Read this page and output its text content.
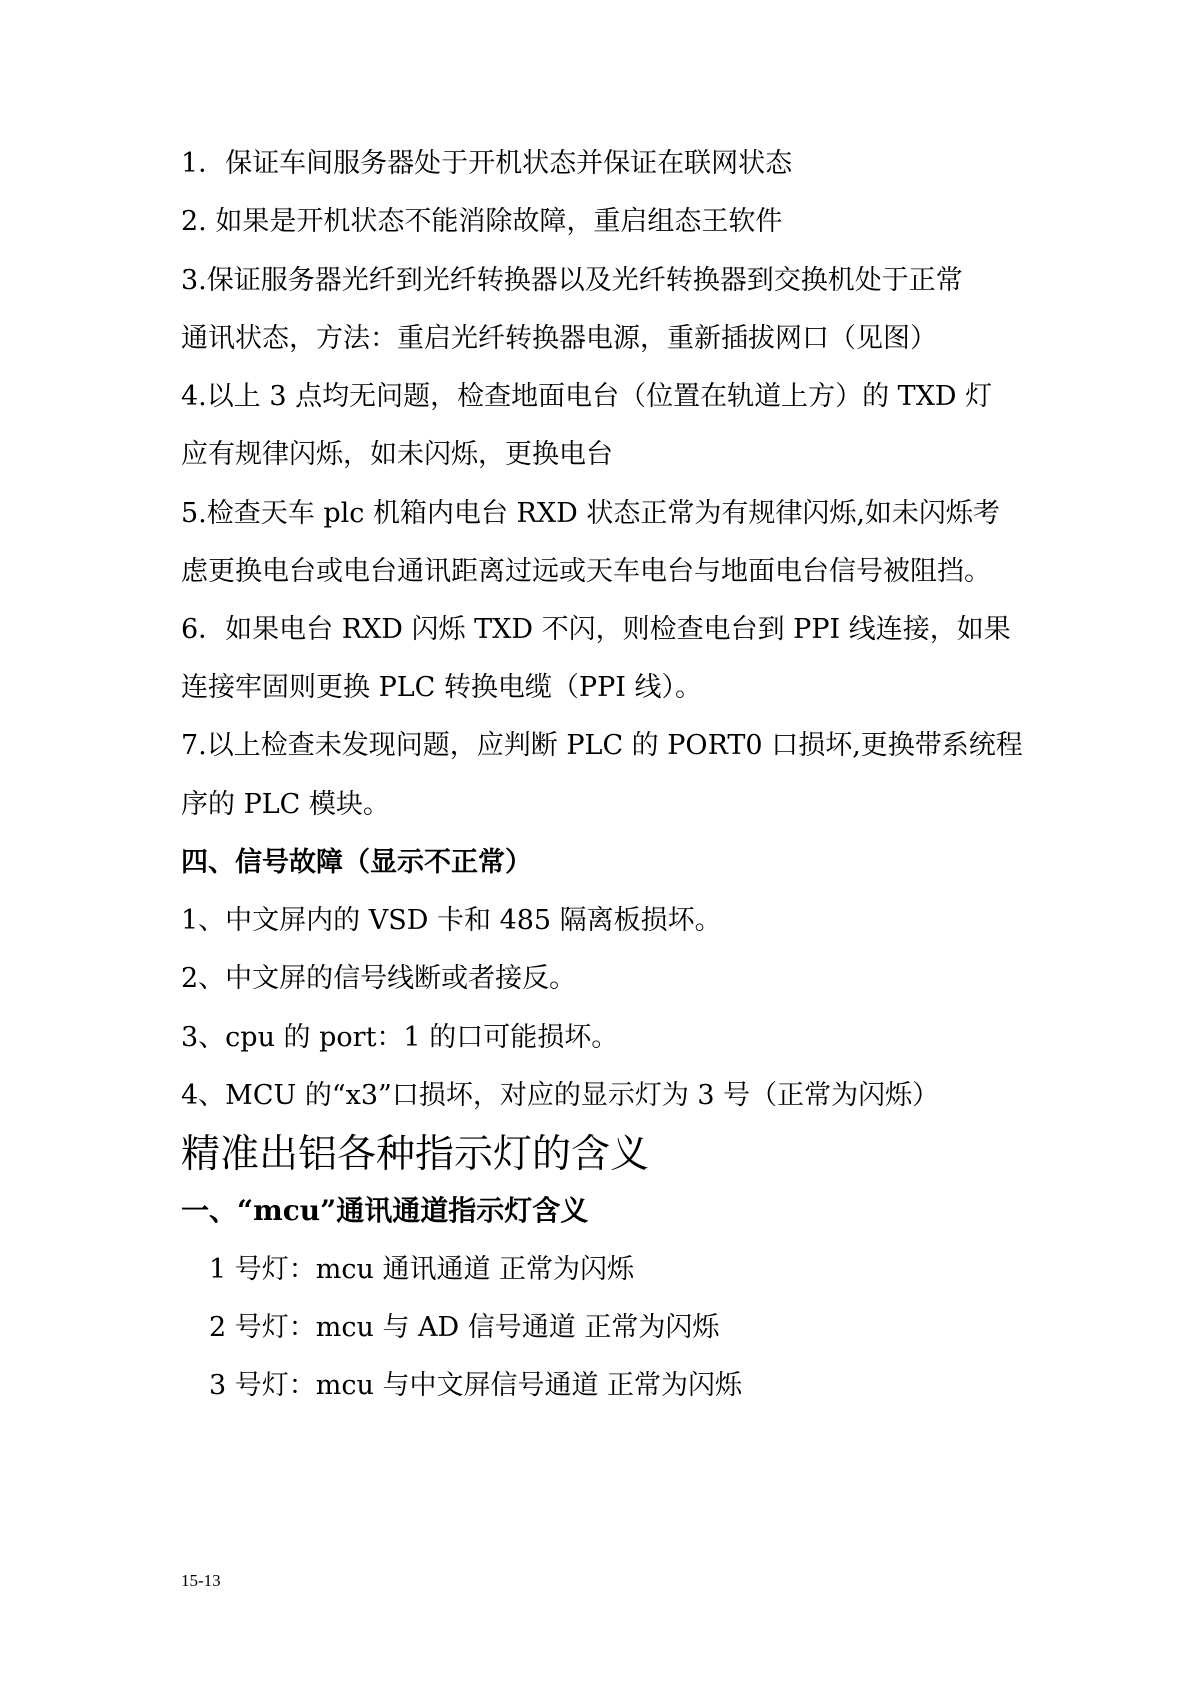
1．保证车间服务器处于开机状态并保证在联网状态
2. 如果是开机状态不能消除故障，重启组态王软件
3.保证服务器光纤到光纤转换器以及光纤转换器到交换机处于正常
通讯状态，方法：重启光纤转换器电源，重新插拔网口（见图）
4.以上 3 点均无问题，检查地面电台（位置在轨道上方）的 TXD 灯
应有规律闪烁，如未闪烁，更换电台
5.检查天车 plc 机箱内电台 RXD 状态正常为有规律闪烁,如未闪烁考
虑更换电台或电台通讯距离过远或天车电台与地面电台信号被阻挡。
6．如果电台 RXD 闪烁 TXD 不闪，则检查电台到 PPI 线连接，如果
连接牢固则更换 PLC 转换电缆（PPI 线）。
7.以上检查未发现问题，应判断 PLC 的 PORT0 口损坏,更换带系统程
序的 PLC 模块。
四、信号故障（显示不正常）
1、中文屏内的 VSD 卡和 485 隔离板损坏。
2、中文屏的信号线断或者接反。
3、cpu 的 port：1 的口可能损坏。
4、MCU 的“x3”口损坏，对应的显示灯为 3 号（正常为闪烁）
精准出铝各种指示灯的含义
一、“mcu”通讯通道指示灯含义
1 号灯：mcu 通讯通道 正常为闪烁
2 号灯：mcu 与 AD 信号通道 正常为闪烁
3 号灯：mcu 与中文屏信号通道 正常为闪烁
15-13
